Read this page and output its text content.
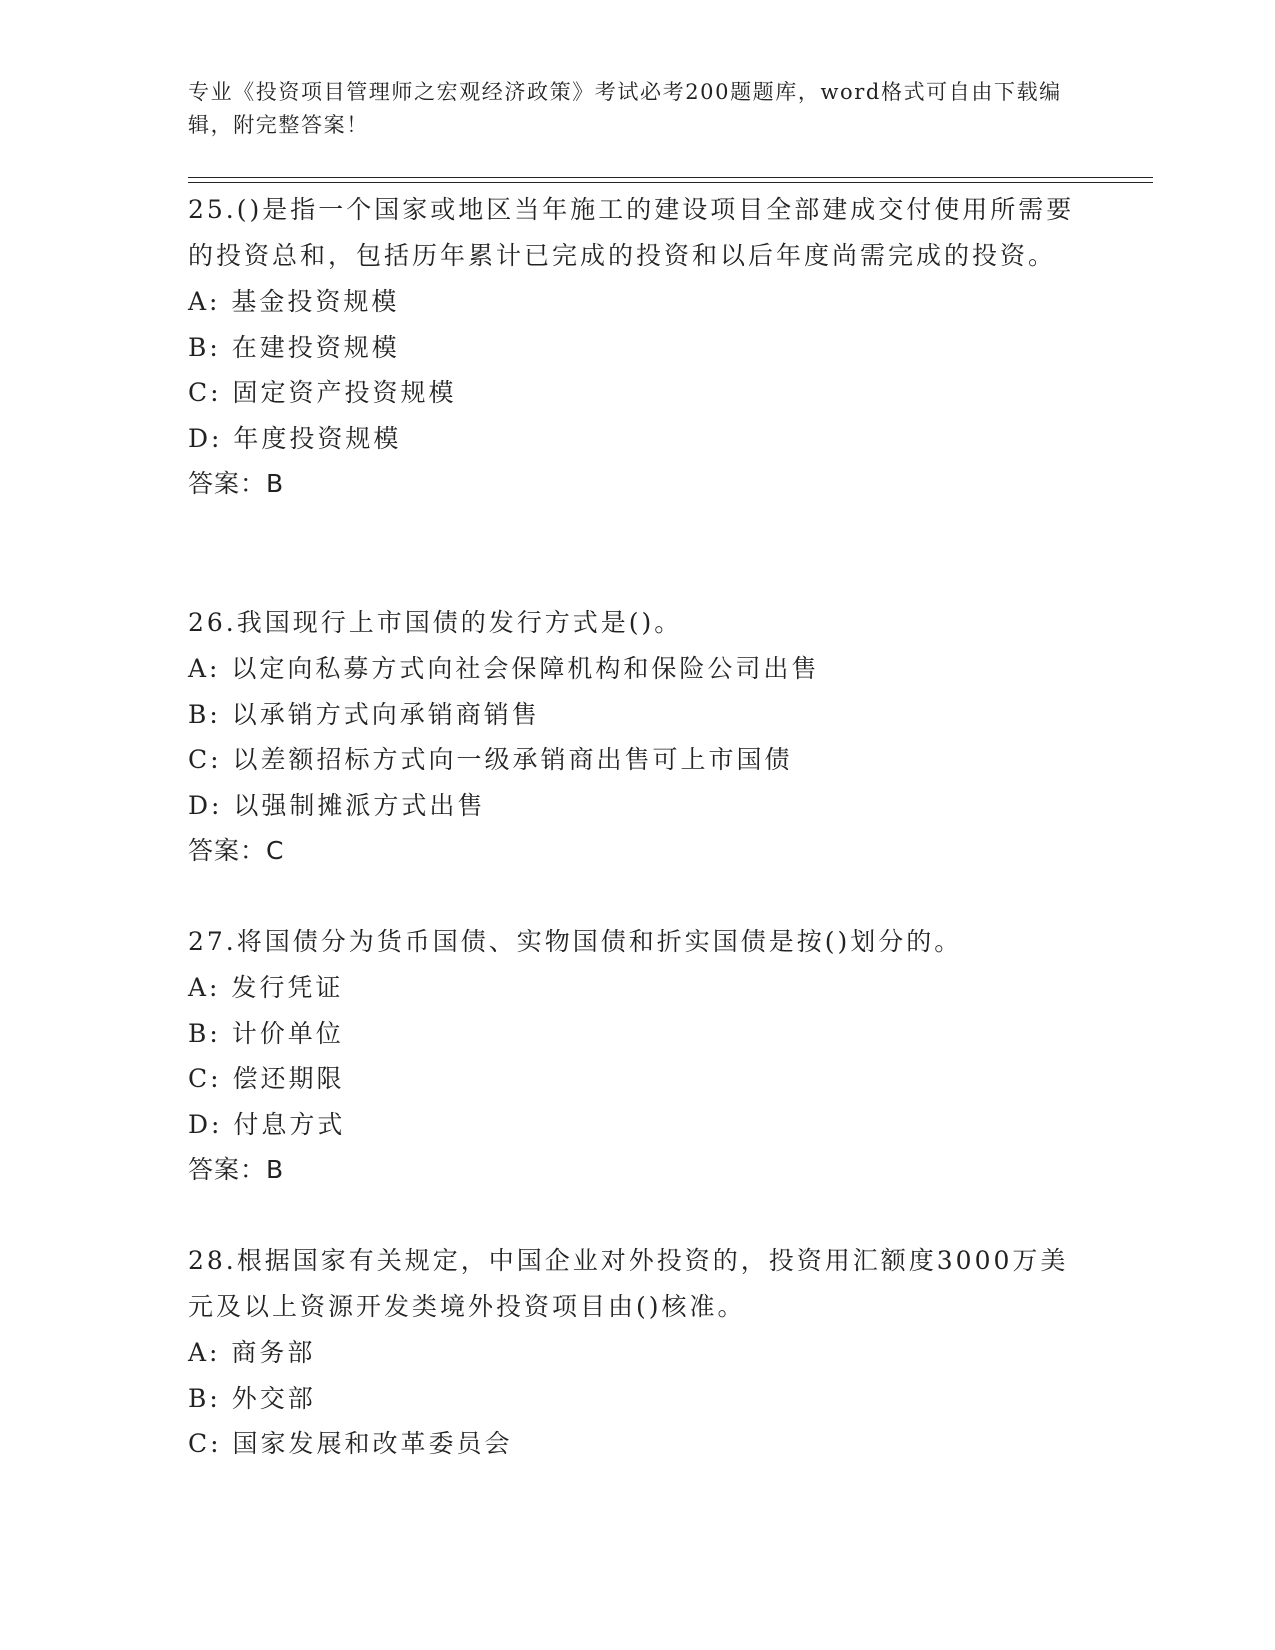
专业《投资项目管理师之宏观经济政策》考试必考200题题库，word格式可自由下载编辑，附完整答案！
25.()是指一个国家或地区当年施工的建设项目全部建成交付使用所需要的投资总和，包括历年累计已完成的投资和以后年度尚需完成的投资。
A: 基金投资规模
B: 在建投资规模
C: 固定资产投资规模
D: 年度投资规模
答案：B
26.我国现行上市国债的发行方式是()。
A: 以定向私募方式向社会保障机构和保险公司出售
B: 以承销方式向承销商销售
C: 以差额招标方式向一级承销商出售可上市国债
D: 以强制摊派方式出售
答案：C
27.将国债分为货币国债、实物国债和折实国债是按()划分的。
A: 发行凭证
B: 计价单位
C: 偿还期限
D: 付息方式
答案：B
28.根据国家有关规定，中国企业对外投资的，投资用汇额度3000万美元及以上资源开发类境外投资项目由()核准。
A: 商务部
B: 外交部
C: 国家发展和改革委员会
